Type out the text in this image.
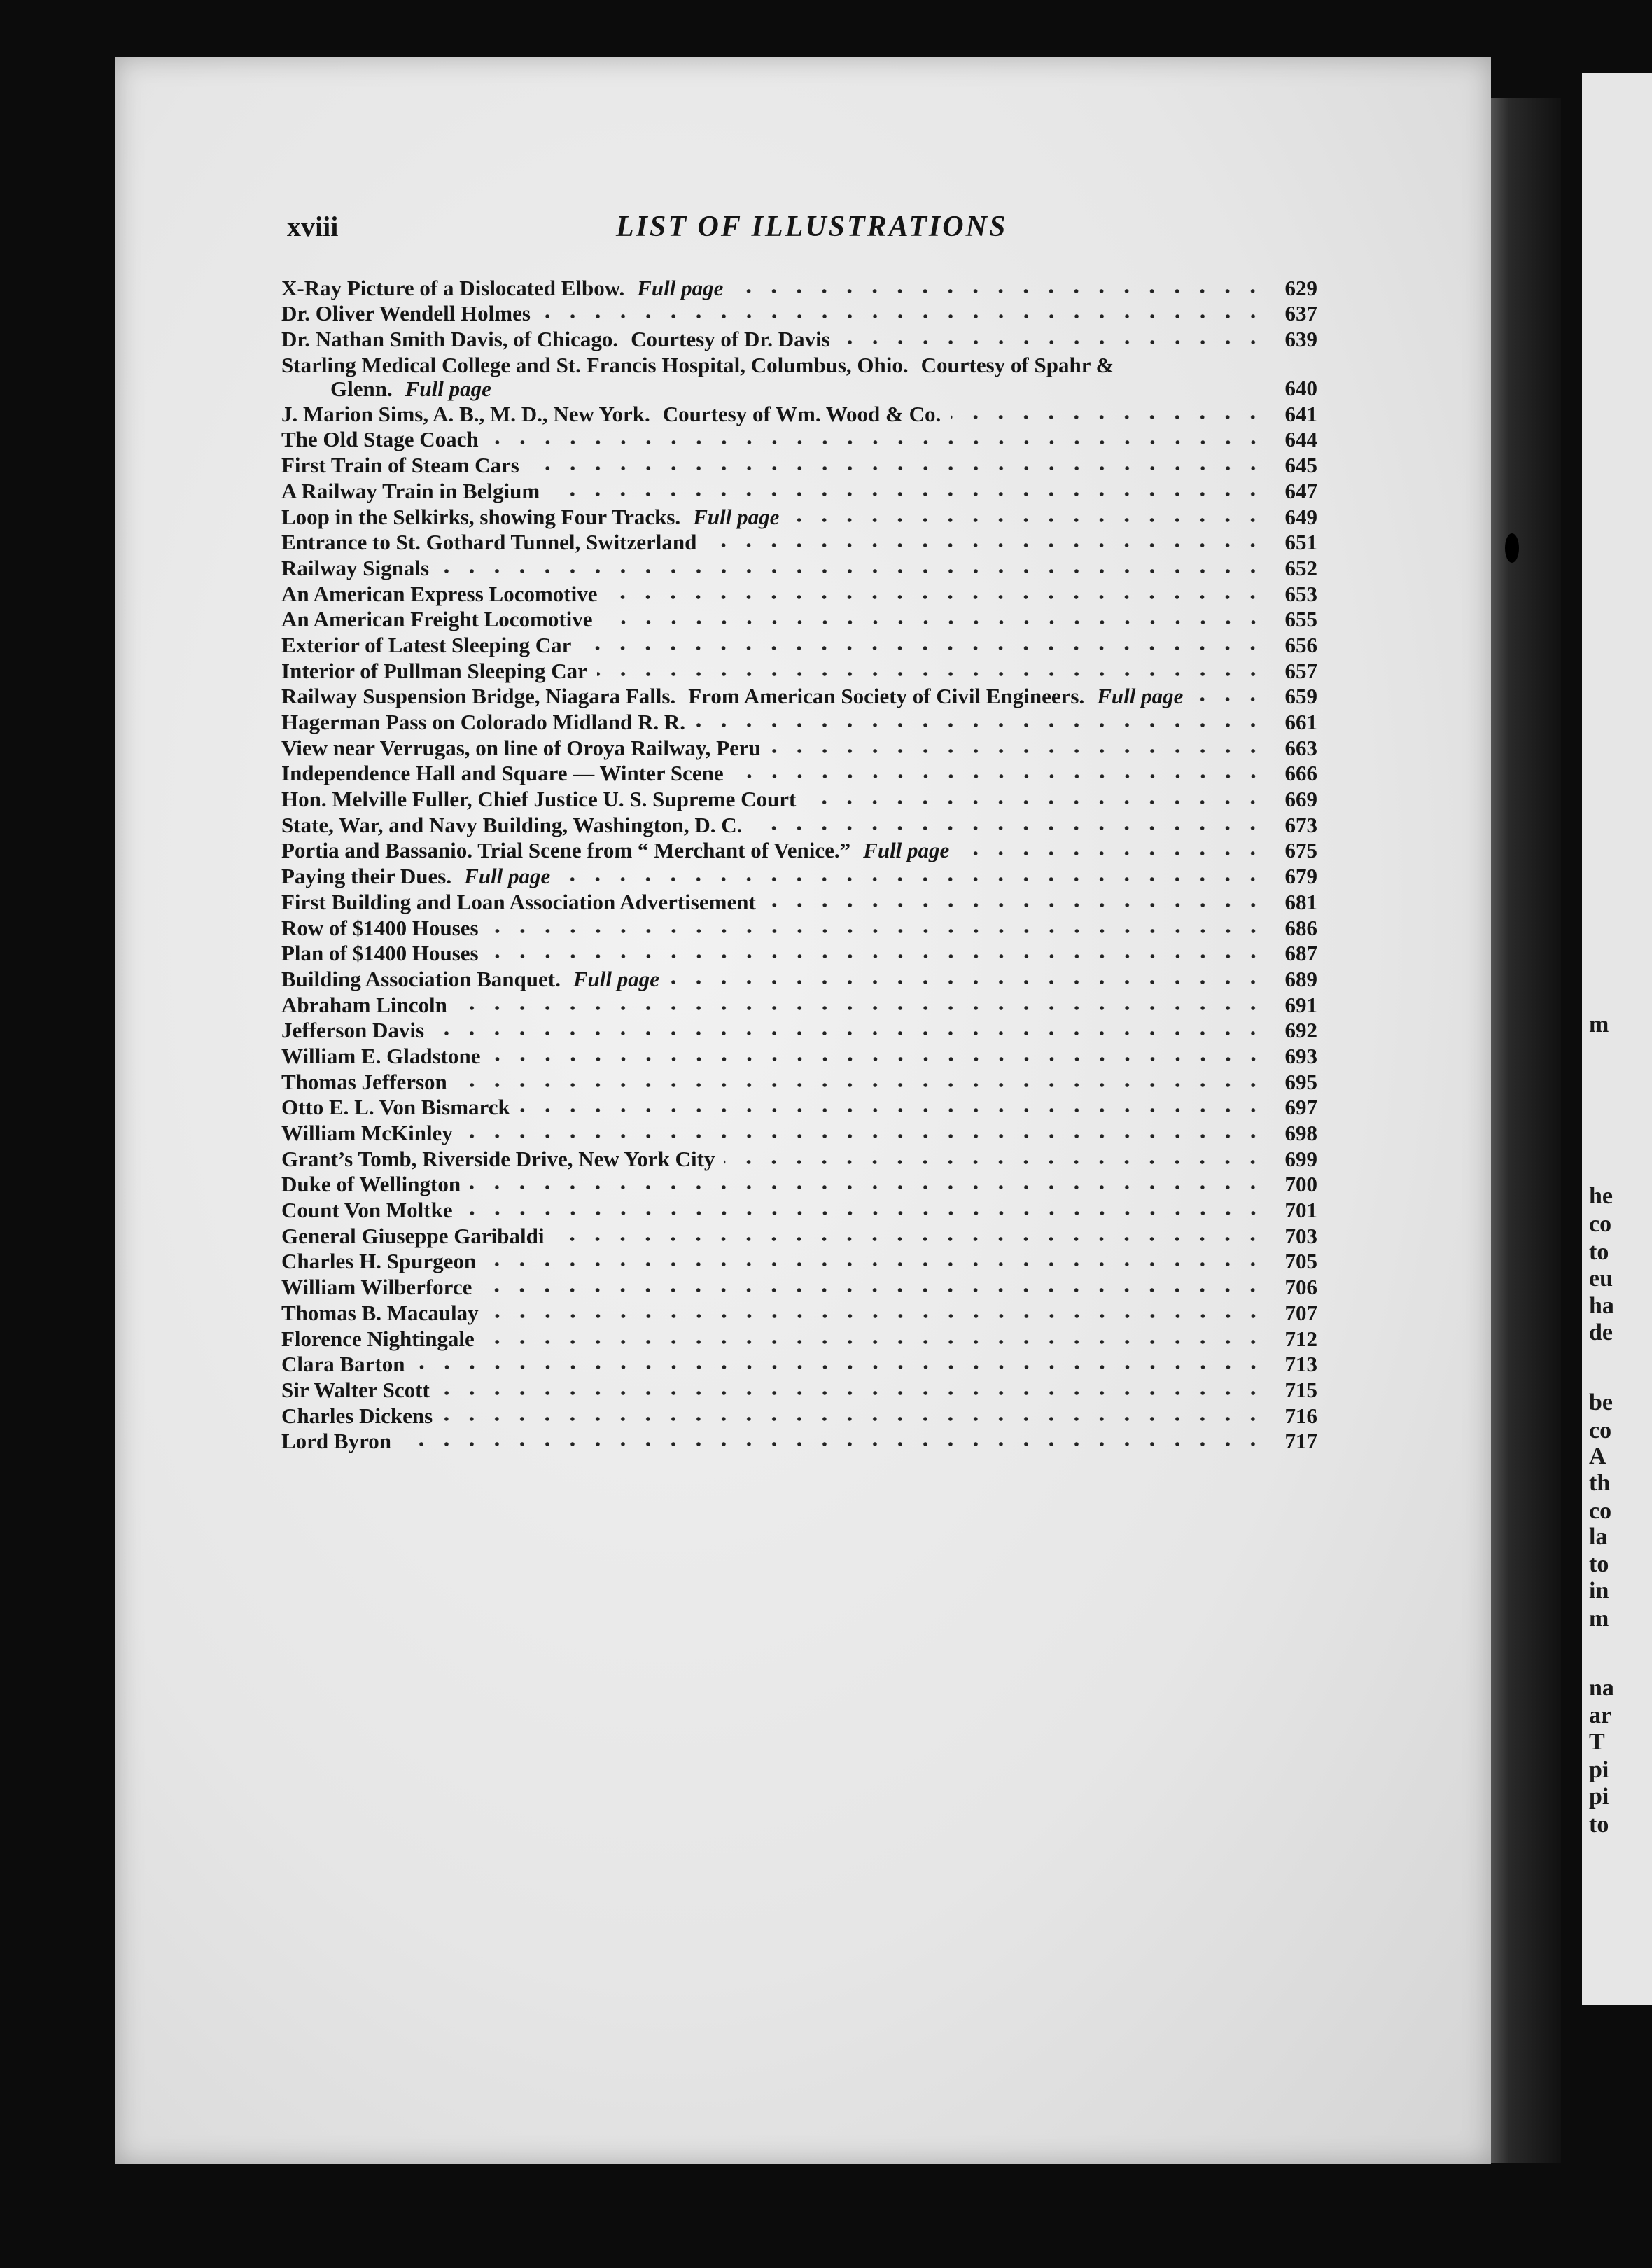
m
he
co
to
eu
ha
de
be
co
A
th
co
la
to
in
m
na
ar
T
pi
pi
to
xviii	LIST OF ILLUSTRATIONS
X-Ray Picture of a Dislocated Elbow. Full page	629
Dr. Oliver Wendell Holmes	637
Dr. Nathan Smith Davis, of Chicago. Courtesy of Dr. Davis	639
Starling Medical College and St. Francis Hospital, Columbus, Ohio. Courtesy of Spahr &
Glenn. Full page	640
J. Marion Sims, A. B., M. D., New York. Courtesy of Wm. Wood & Co.	641
The Old Stage Coach	644
First Train of Steam Cars	645
A Railway Train in Belgium	647
Loop in the Selkirks, showing Four Tracks. Full page	649
Entrance to St. Gothard Tunnel, Switzerland	651
Railway Signals	652
An American Express Locomotive	653
An American Freight Locomotive	655
Exterior of Latest Sleeping Car	656
Interior of Pullman Sleeping Car	657
Railway Suspension Bridge, Niagara Falls. From American Society of Civil Engineers. Full page	659
Hagerman Pass on Colorado Midland R. R.	661
View near Verrugas, on line of Oroya Railway, Peru	663
Independence Hall and Square — Winter Scene	666
Hon. Melville Fuller, Chief Justice U. S. Supreme Court	669
State, War, and Navy Building, Washington, D. C.	673
Portia and Bassanio. Trial Scene from “ Merchant of Venice.” Full page	675
Paying their Dues. Full page	679
First Building and Loan Association Advertisement	681
Row of $1400 Houses	686
Plan of $1400 Houses	687
Building Association Banquet. Full page	689
Abraham Lincoln	691
Jefferson Davis	692
William E. Gladstone	693
Thomas Jefferson	695
Otto E. L. Von Bismarck	697
William McKinley	698
Grant’s Tomb, Riverside Drive, New York City	699
Duke of Wellington	700
Count Von Moltke	701
General Giuseppe Garibaldi	703
Charles H. Spurgeon	705
William Wilberforce	706
Thomas B. Macaulay	707
Florence Nightingale	712
Clara Barton	713
Sir Walter Scott	715
Charles Dickens	716
Lord Byron	717
